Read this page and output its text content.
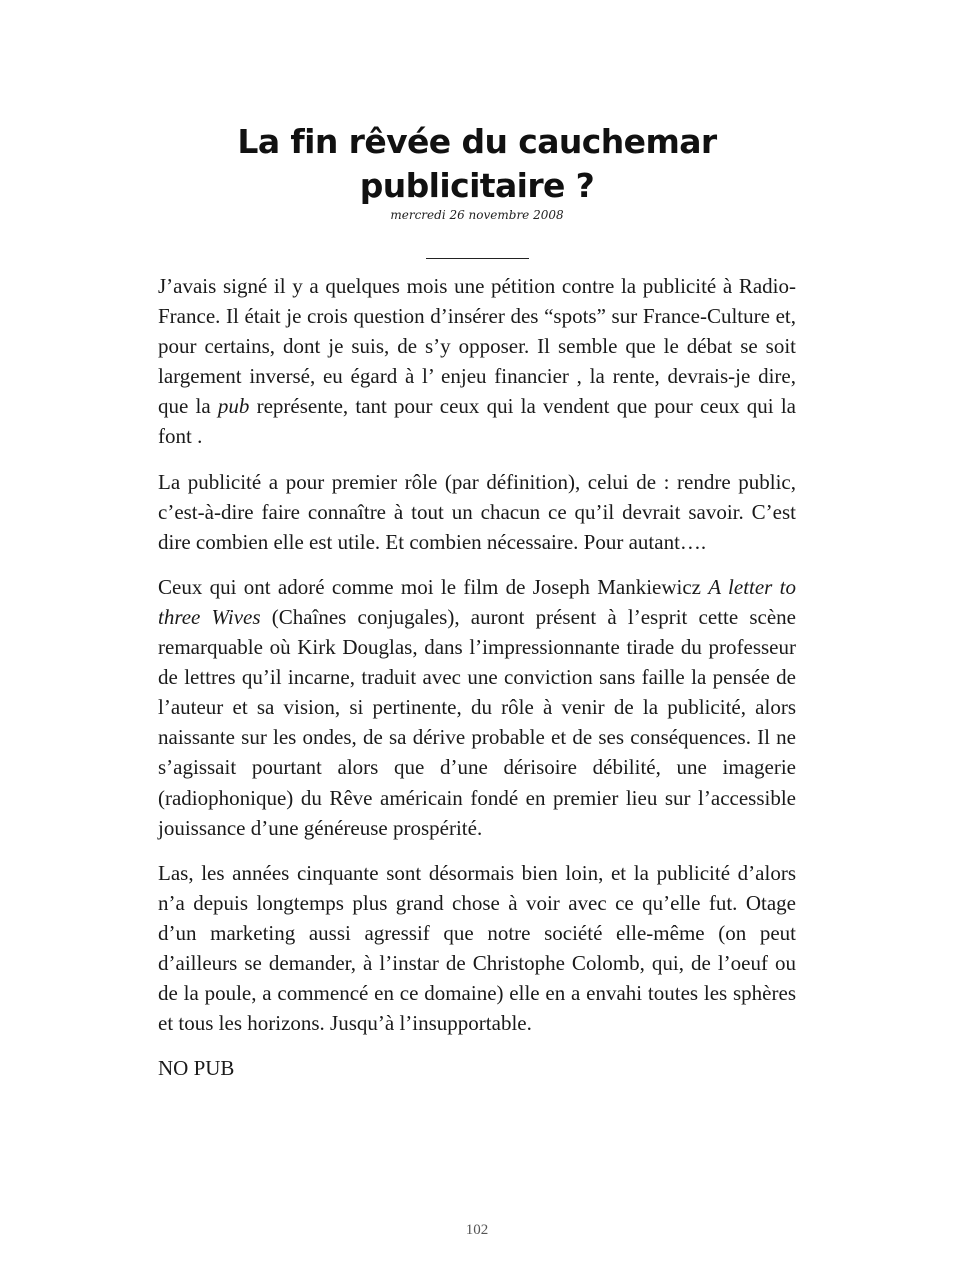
La fin rêvée du cauchemar publicitaire ?
mercredi 26 novembre 2008

J’avais signé il y a quelques mois une pétition contre la publicité à Radio-France. Il était je crois question d’insérer des “spots” sur France-Culture et, pour certains, dont je suis, de s’y opposer. Il semble que le débat se soit largement inversé, eu égard à l’ enjeu financier , la rente, devrais-je dire, que la pub représente, tant pour ceux qui la vendent que pour ceux qui la font .

La publicité a pour premier rôle (par définition), celui de : rendre public, c’est-à-dire faire connaître à tout un chacun ce qu’il devrait savoir. C’est dire combien elle est utile. Et combien nécessaire. Pour autant….

Ceux qui ont adoré comme moi le film de Joseph Mankiewicz A letter to three Wives (Chaînes conjugales), auront présent à l’esprit cette scène remarquable où Kirk Douglas, dans l’impressionnante tirade du professeur de lettres qu’il incarne, traduit avec une conviction sans faille la pensée de l’auteur et sa vision, si pertinente, du rôle à venir de la publicité, alors naissante sur les ondes, de sa dérive probable et de ses conséquences. Il ne s’agissait pourtant alors que d’une dérisoire débilité, une imagerie (radiophonique) du Rêve américain fondé en premier lieu sur l’accessible jouissance d’une généreuse prospérité.

Las, les années cinquante sont désormais bien loin, et la publicité d’alors n’a depuis longtemps plus grand chose à voir avec ce qu’elle fut. Otage d’un marketing aussi agressif que notre société elle-même (on peut d’ailleurs se demander, à l’instar de Christophe Colomb, qui, de l’oeuf ou de la poule, a commencé en ce domaine) elle en a envahi toutes les sphères et tous les horizons. Jusqu’à l’insupportable.

NO PUB

102
